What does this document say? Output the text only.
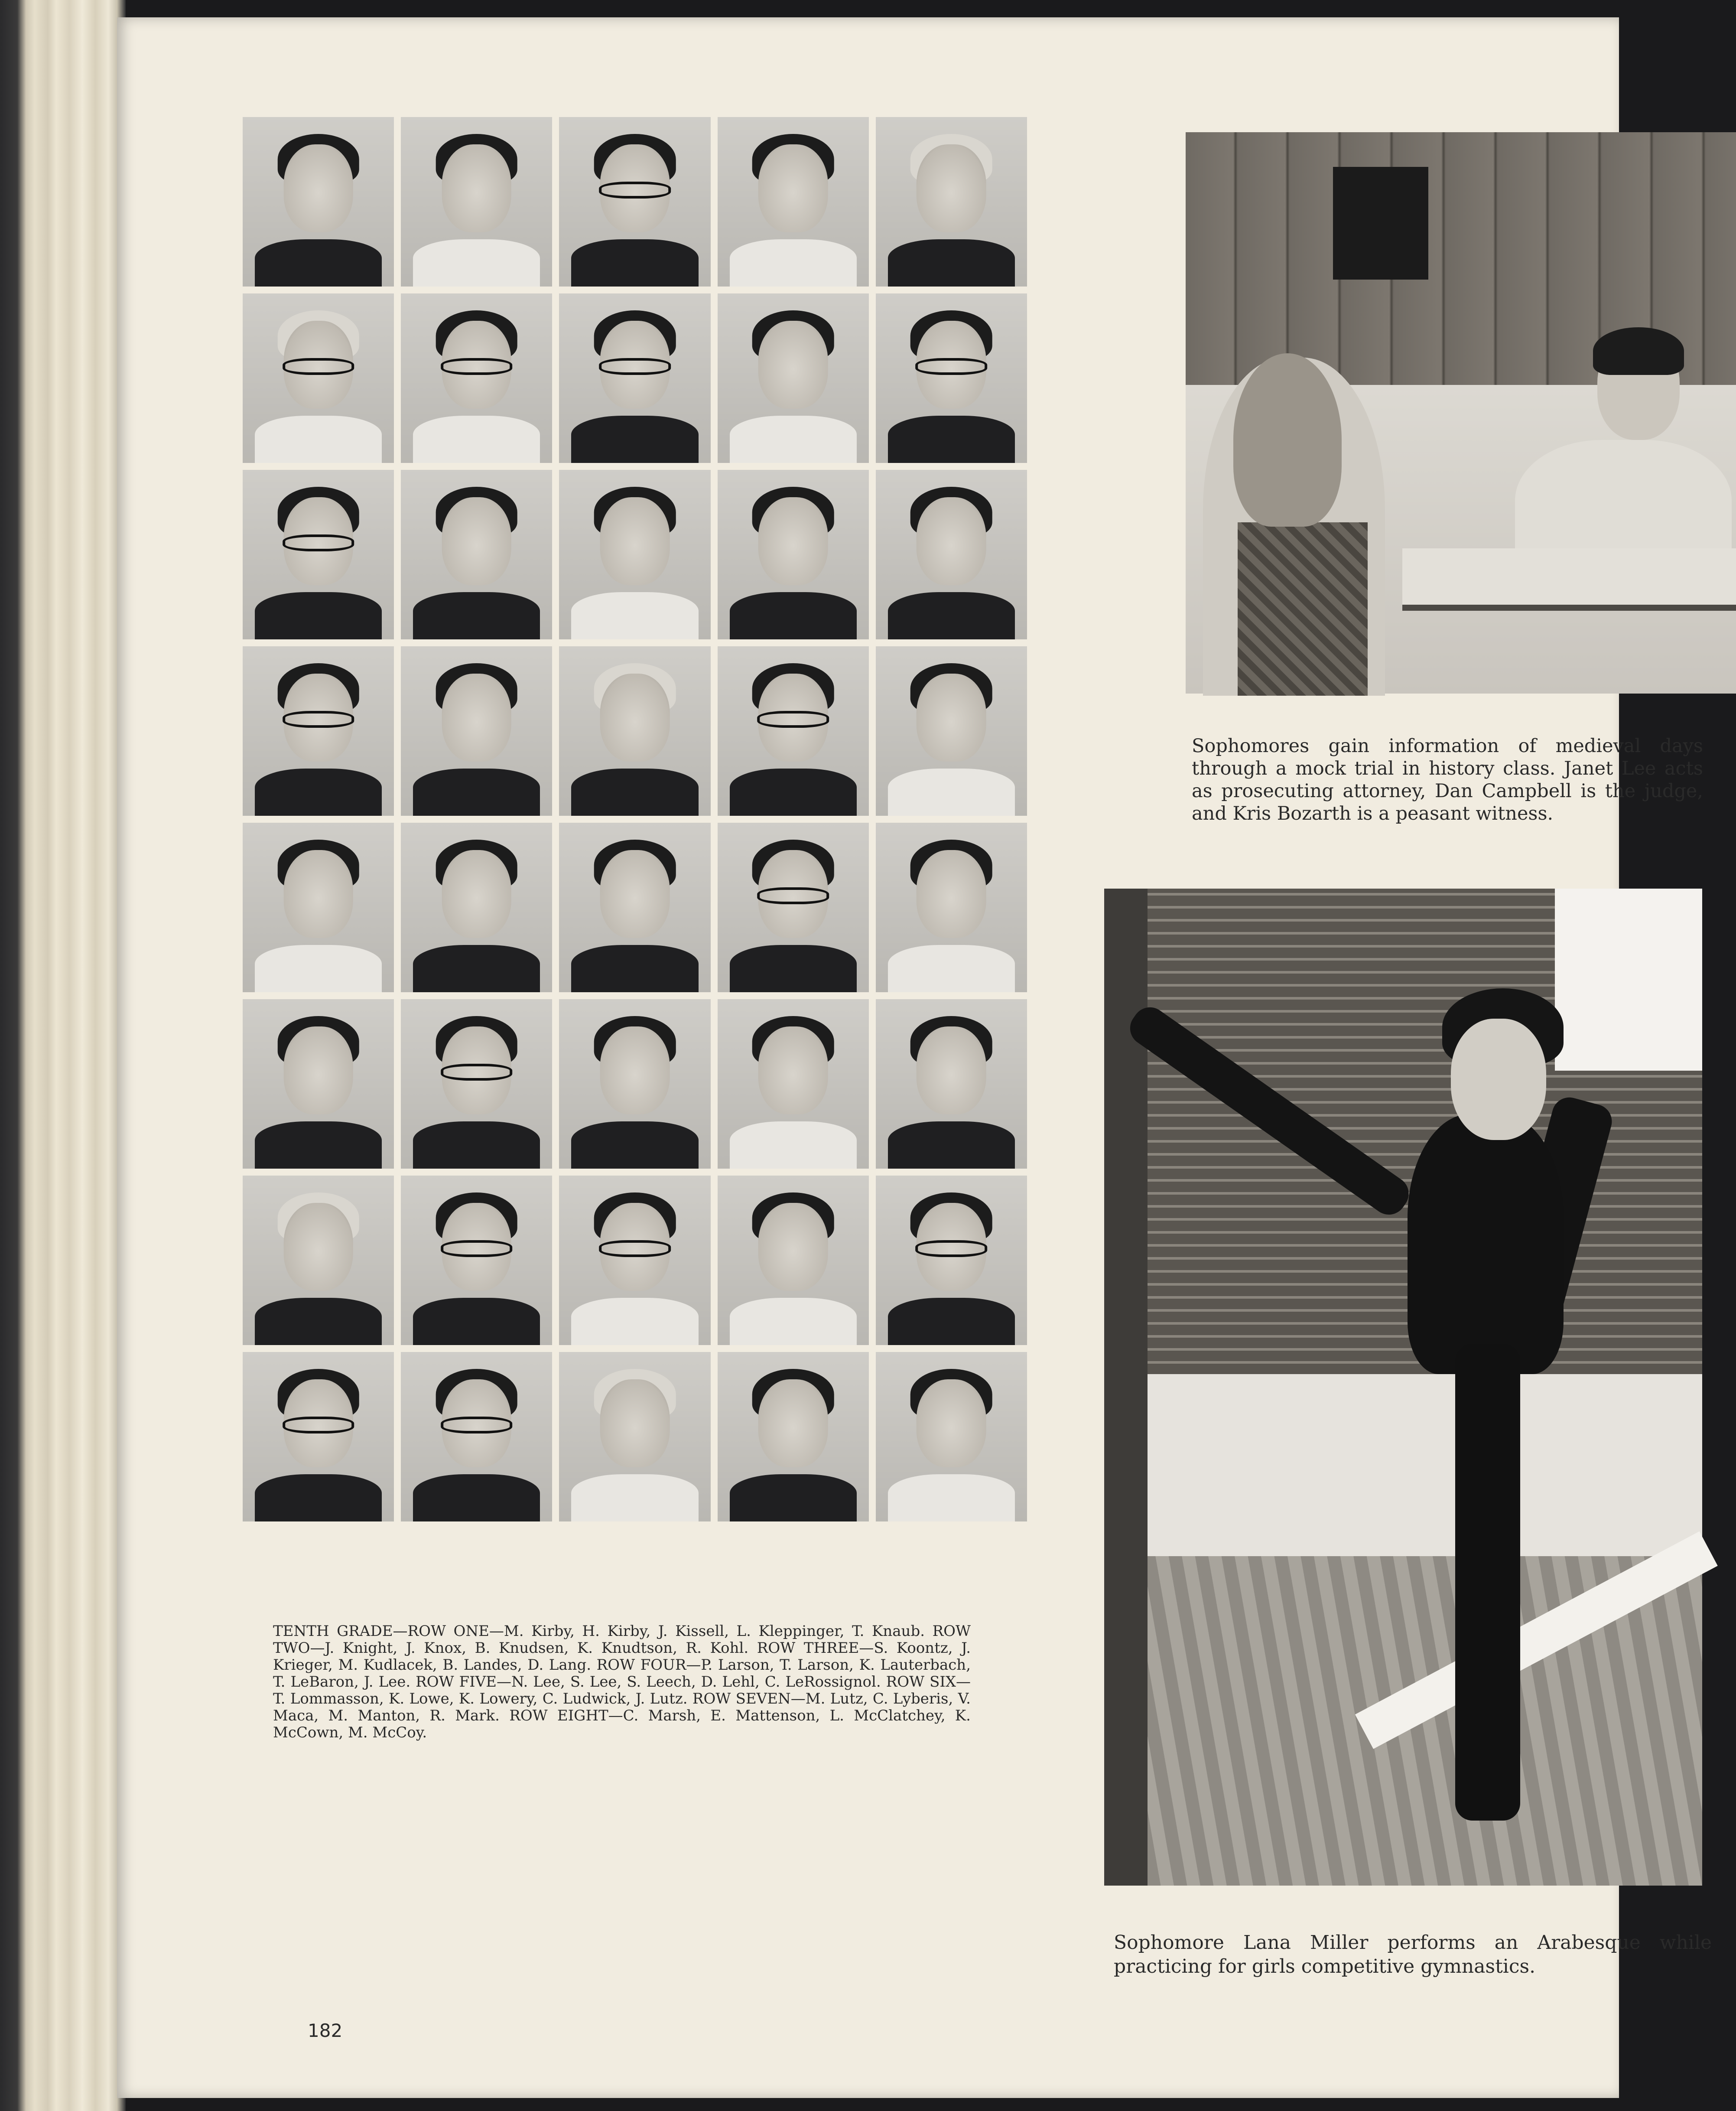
TENTH GRADE—ROW ONE—M. Kirby, H. Kirby, J. Kissell, L. Kleppinger, T. Knaub. ROW TWO—J. Knight, J. Knox, B. Knudsen, K. Knudtson, R. Kohl. ROW THREE—S. Koontz, J. Krieger, M. Kudlacek, B. Landes, D. Lang. ROW FOUR—P. Larson, T. Larson, K. Lauterbach, T. LeBaron, J. Lee. ROW FIVE—N. Lee, S. Lee, S. Leech, D. Lehl, C. LeRossignol. ROW SIX—T. Lommasson, K. Lowe, K. Lowery, C. Ludwick, J. Lutz. ROW SEVEN—M. Lutz, C. Lyberis, V. Maca, M. Manton, R. Mark. ROW EIGHT—C. Marsh, E. Mattenson, L. McClatchey, K. McCown, M. McCoy.

Sophomores gain information of medieval days through a mock trial in history class. Janet Lee acts as prosecuting attorney, Dan Campbell is the judge, and Kris Bozarth is a peasant witness.

Sophomore Lana Miller performs an Arabesque while practicing for girls competitive gymnastics.

182
